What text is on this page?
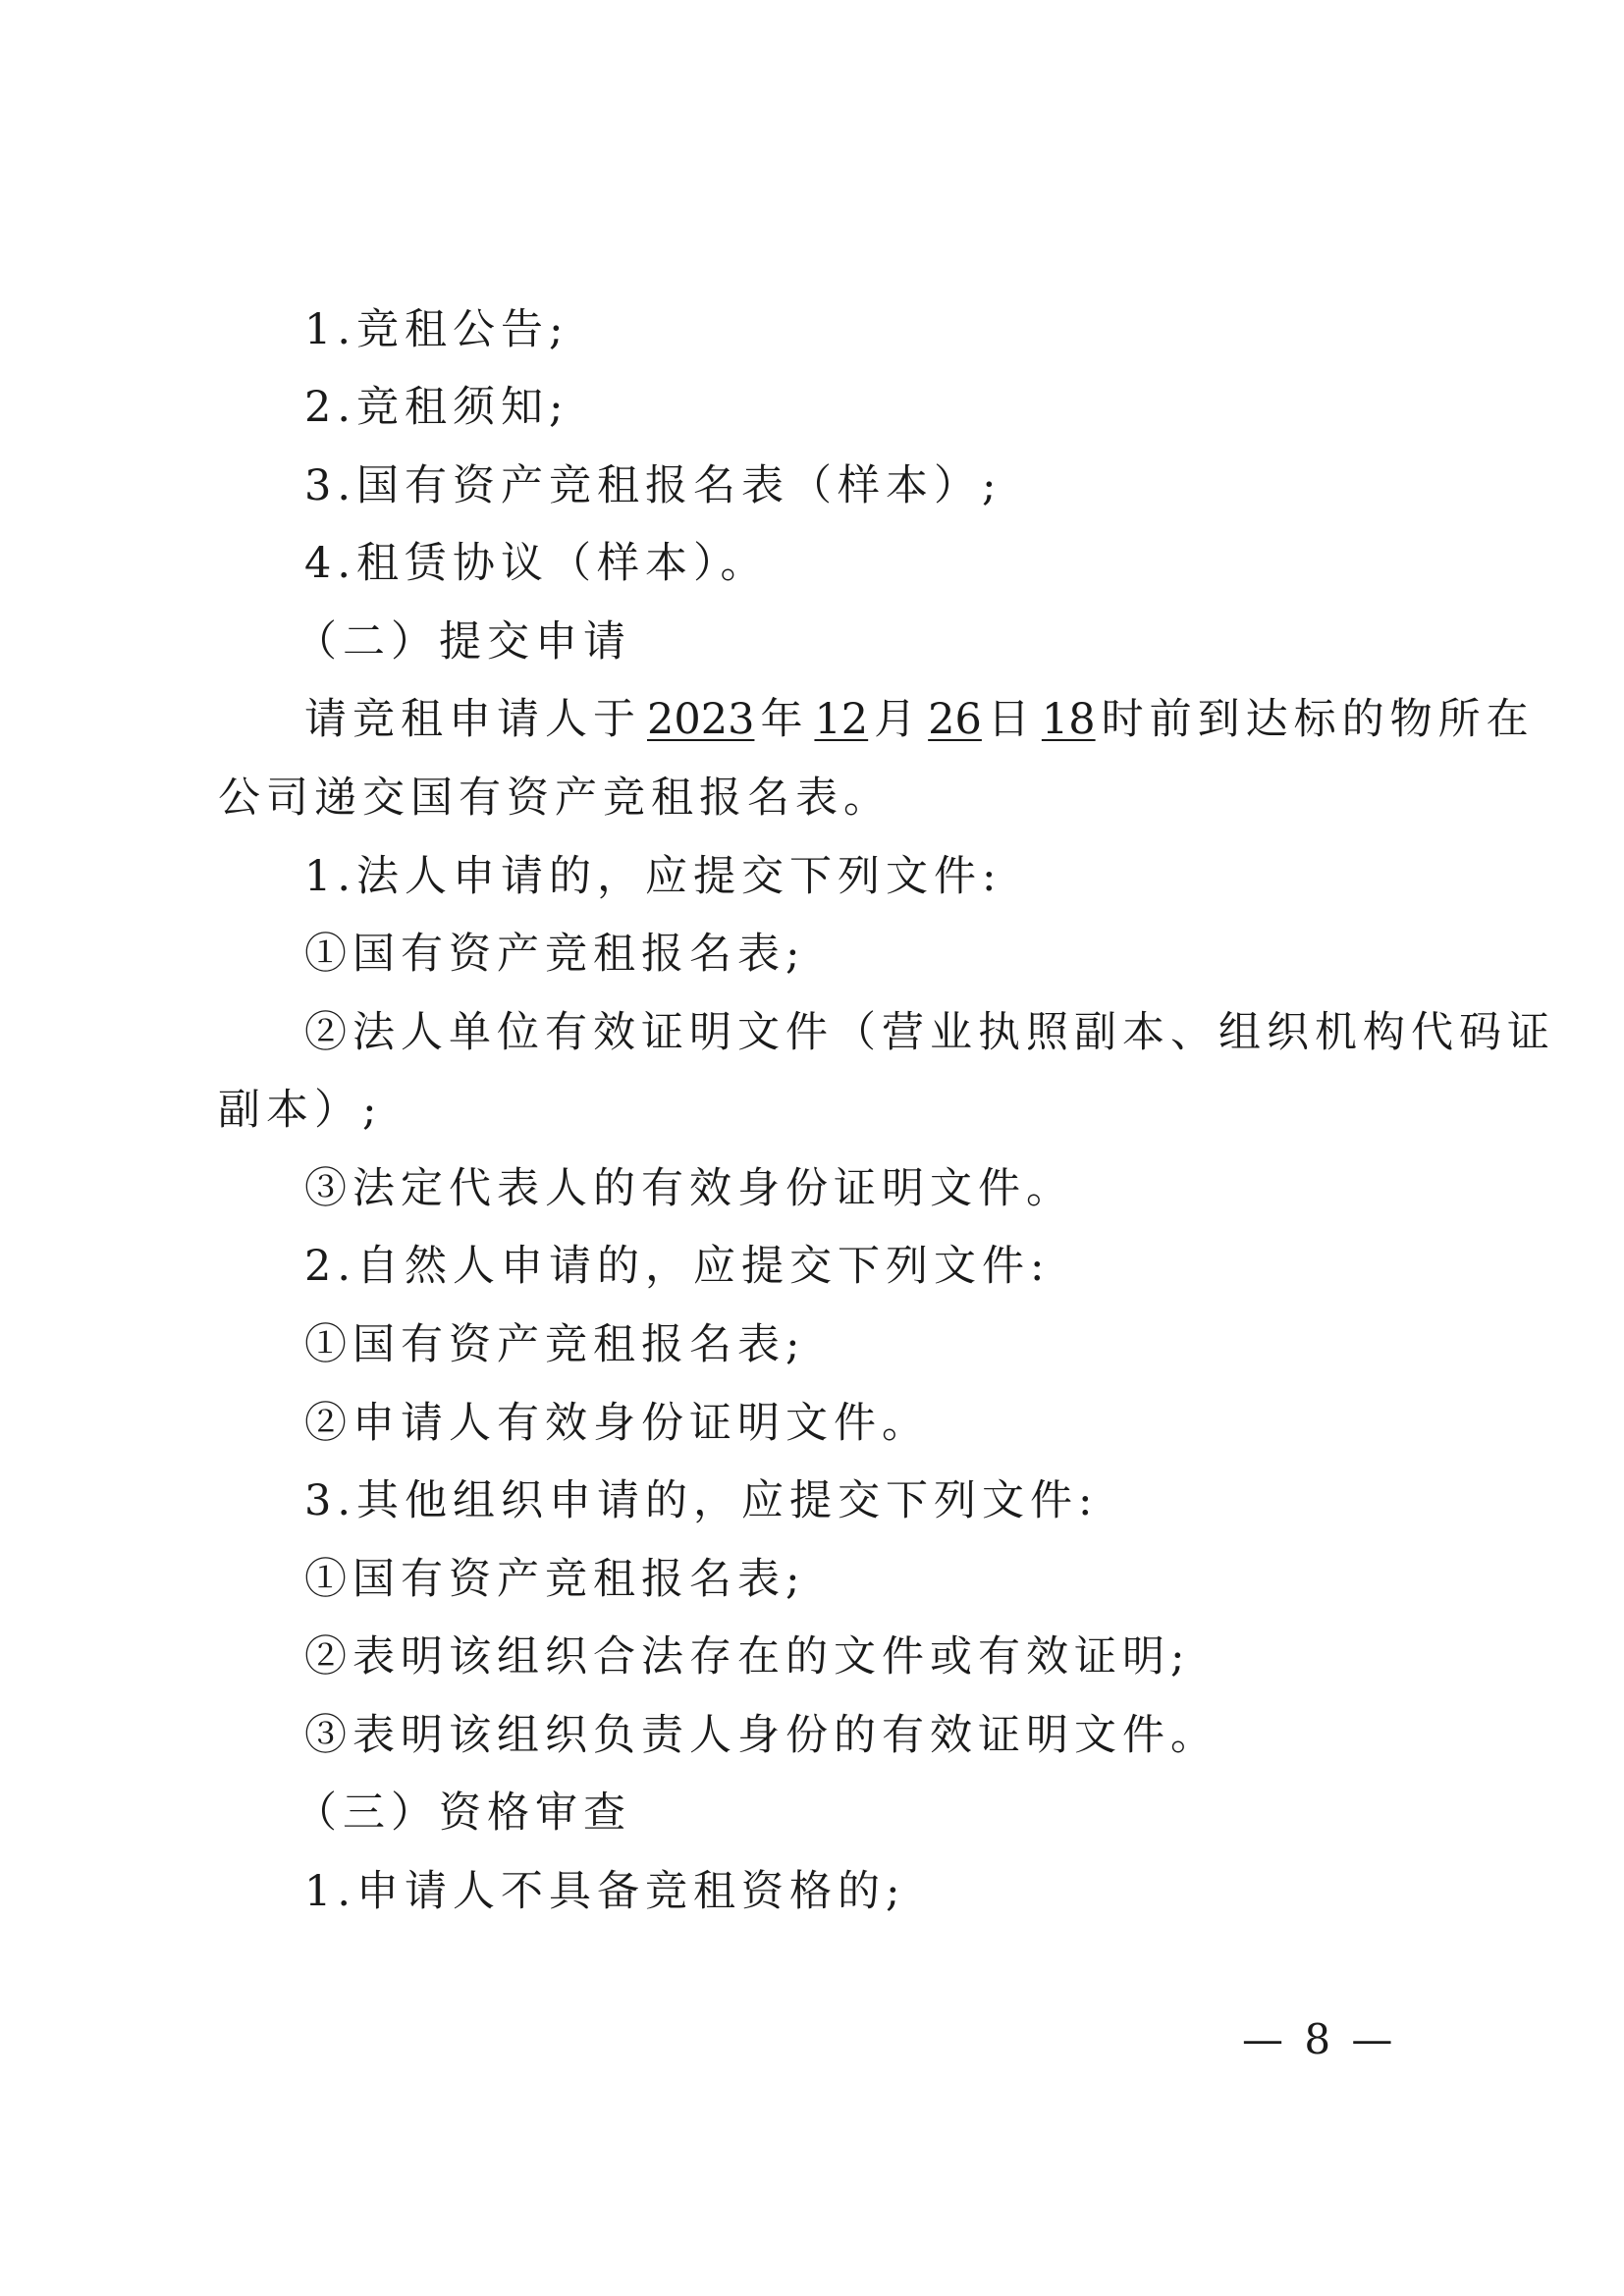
1.竞租公告;
2.竞租须知;
3.国有资产竞租报名表（样本）;
4.租赁协议（样本）。
（二）提交申请
请竞租申请人于 2023 年 12 月 26 日 18 时前到达标的物所在
公司递交国有资产竞租报名表。
1.法人申请的，应提交下列文件:
①国有资产竞租报名表;
②法人单位有效证明文件（营业执照副本、组织机构代码证
副本）;
③法定代表人的有效身份证明文件。
2.自然人申请的，应提交下列文件:
①国有资产竞租报名表;
②申请人有效身份证明文件。
3.其他组织申请的，应提交下列文件:
①国有资产竞租报名表;
②表明该组织合法存在的文件或有效证明;
③表明该组织负责人身份的有效证明文件。
（三）资格审查
1.申请人不具备竞租资格的;
— 8 —
